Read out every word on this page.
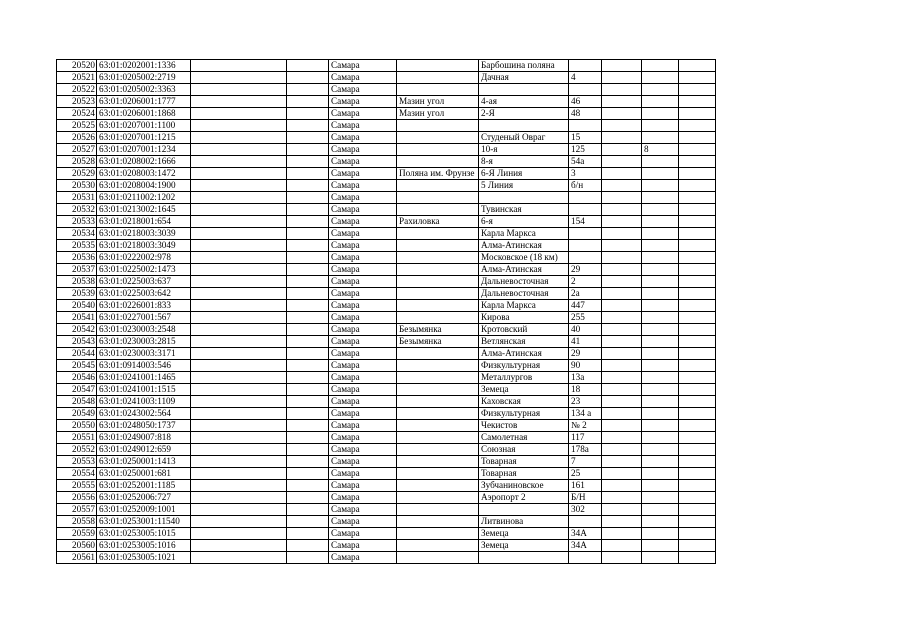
20520	63:01:0202001:1336			Самара		Барбошина поляна				
20521	63:01:0205002:2719			Самара		Дачная	4			
20522	63:01:0205002:3363			Самара						
20523	63:01:0206001:1777			Самара	Мазин угол	4-ая	46			
20524	63:01:0206001:1868			Самара	Мазин угол	2-Я	48			
20525	63:01:0207001:1100			Самара						
20526	63:01:0207001:1215			Самара		Студеный Овраг	15			
20527	63:01:0207001:1234			Самара		10-я	125		8	
20528	63:01:0208002:1666			Самара		8-я	54а			
20529	63:01:0208003:1472			Самара	Поляна им. Фрунзе	6-Я Линия	3			
20530	63:01:0208004:1900			Самара		5 Линия	б/н			
20531	63:01:0211002:1202			Самара						
20532	63:01:0213002:1645			Самара		Тувинская				
20533	63:01:0218001:654			Самара	Рахиловка	6-я	154			
20534	63:01:0218003:3039			Самара		Карла Маркса				
20535	63:01:0218003:3049			Самара		Алма-Атинская				
20536	63:01:0222002:978			Самара		Московское (18 км)				
20537	63:01:0225002:1473			Самара		Алма-Атинская	29			
20538	63:01:0225003:637			Самара		Дальневосточная	2			
20539	63:01:0225003:642			Самара		Дальневосточная	2а			
20540	63:01:0226001:833			Самара		Карла Маркса	447			
20541	63:01:0227001:567			Самара		Кирова	255			
20542	63:01:0230003:2548			Самара	Безымянка	Кротовский	40			
20543	63:01:0230003:2815			Самара	Безымянка	Ветлянская	41			
20544	63:01:0230003:3171			Самара		Алма-Атинская	29			
20545	63:01:0914003:546			Самара		Физкультурная	90			
20546	63:01:0241001:1465			Самара		Металлургов	13а			
20547	63:01:0241001:1515			Самара		Земеца	18			
20548	63:01:0241003:1109			Самара		Каховская	23			
20549	63:01:0243002:564			Самара		Физкультурная	134 а			
20550	63:01:0248050:1737			Самара		Чекистов	№ 2			
20551	63:01:0249007:818			Самара		Самолетная	117			
20552	63:01:0249012:659			Самара		Союзная	178а			
20553	63:01:0250001:1413			Самара		Товарная	7			
20554	63:01:0250001:681			Самара		Товарная	25			
20555	63:01:0252001:1185			Самара		Зубчаниновское	161			
20556	63:01:0252006:727			Самара		Аэропорт 2	Б/Н			
20557	63:01:0252009:1001			Самара			302			
20558	63:01:0253001:11540			Самара		Литвинова				
20559	63:01:0253005:1015			Самара		Земеца	34А			
20560	63:01:0253005:1016			Самара		Земеца	34А			
20561	63:01:0253005:1021			Самара						
